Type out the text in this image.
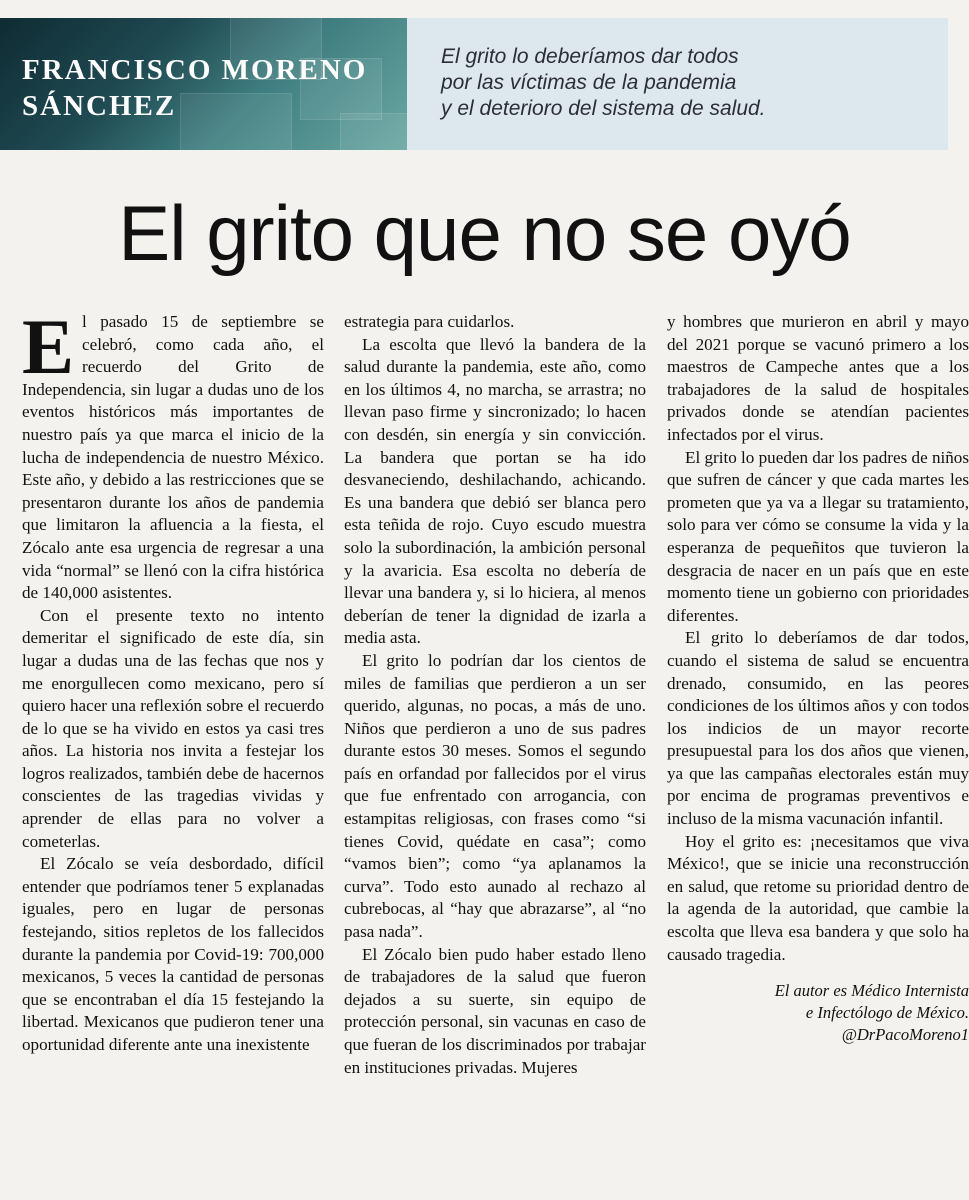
FRANCISCO MORENO
SÁNCHEZ

El grito lo deberíamos dar todos
por las víctimas de la pandemia
y el deterioro del sistema de salud.

El grito que no se oyó

El pasado 15 de septiembre se celebró, como cada año, el recuerdo del Grito de Independencia, sin lugar a dudas uno de los eventos históricos más importantes de nuestro país ya que marca el inicio de la lucha de independencia de nuestro México. Este año, y debido a las restricciones que se presentaron durante los años de pandemia que limitaron la afluencia a la fiesta, el Zócalo ante esa urgencia de regresar a una vida “normal” se llenó con la cifra histórica de 140,000 asistentes.

Con el presente texto no intento demeritar el significado de este día, sin lugar a dudas una de las fechas que nos y me enorgullecen como mexicano, pero sí quiero hacer una reflexión sobre el recuerdo de lo que se ha vivido en estos ya casi tres años. La historia nos invita a festejar los logros realizados, también debe de hacernos conscientes de las tragedias vividas y aprender de ellas para no volver a cometerlas.

El Zócalo se veía desbordado, difícil entender que podríamos tener 5 explanadas iguales, pero en lugar de personas festejando, sitios repletos de los fallecidos durante la pandemia por Covid-19: 700,000 mexicanos, 5 veces la cantidad de personas que se encontraban el día 15 festejando la libertad. Mexicanos que pudieron tener una oportunidad diferente ante una inexistente

estrategia para cuidarlos.

La escolta que llevó la bandera de la salud durante la pandemia, este año, como en los últimos 4, no marcha, se arrastra; no llevan paso firme y sincronizado; lo hacen con desdén, sin energía y sin convicción. La bandera que portan se ha ido desvaneciendo, deshilachando, achicando. Es una bandera que debió ser blanca pero esta teñida de rojo. Cuyo escudo muestra solo la subordinación, la ambición personal y la avaricia. Esa escolta no debería de llevar una bandera y, si lo hiciera, al menos deberían de tener la dignidad de izarla a media asta.

El grito lo podrían dar los cientos de miles de familias que perdieron a un ser querido, algunas, no pocas, a más de uno. Niños que perdieron a uno de sus padres durante estos 30 meses. Somos el segundo país en orfandad por fallecidos por el virus que fue enfrentado con arrogancia, con estampitas religiosas, con frases como “si tienes Covid, quédate en casa”; como “vamos bien”; como “ya aplanamos la curva”. Todo esto aunado al rechazo al cubrebocas, al “hay que abrazarse”, al “no pasa nada”.

El Zócalo bien pudo haber estado lleno de trabajadores de la salud que fueron dejados a su suerte, sin equipo de protección personal, sin vacunas en caso de que fueran de los discriminados por trabajar en instituciones privadas. Mujeres

y hombres que murieron en abril y mayo del 2021 porque se vacunó primero a los maestros de Campeche antes que a los trabajadores de la salud de hospitales privados donde se atendían pacientes infectados por el virus.

El grito lo pueden dar los padres de niños que sufren de cáncer y que cada martes les prometen que ya va a llegar su tratamiento, solo para ver cómo se consume la vida y la esperanza de pequeñitos que tuvieron la desgracia de nacer en un país que en este momento tiene un gobierno con prioridades diferentes.

El grito lo deberíamos de dar todos, cuando el sistema de salud se encuentra drenado, consumido, en las peores condiciones de los últimos años y con todos los indicios de un mayor recorte presupuestal para los dos años que vienen, ya que las campañas electorales están muy por encima de programas preventivos e incluso de la misma vacunación infantil.

Hoy el grito es: ¡necesitamos que viva México!, que se inicie una reconstrucción en salud, que retome su prioridad dentro de la agenda de la autoridad, que cambie la escolta que lleva esa bandera y que solo ha causado tragedia.

El autor es Médico Internista

e Infectólogo de México.

@DrPacoMoreno1
